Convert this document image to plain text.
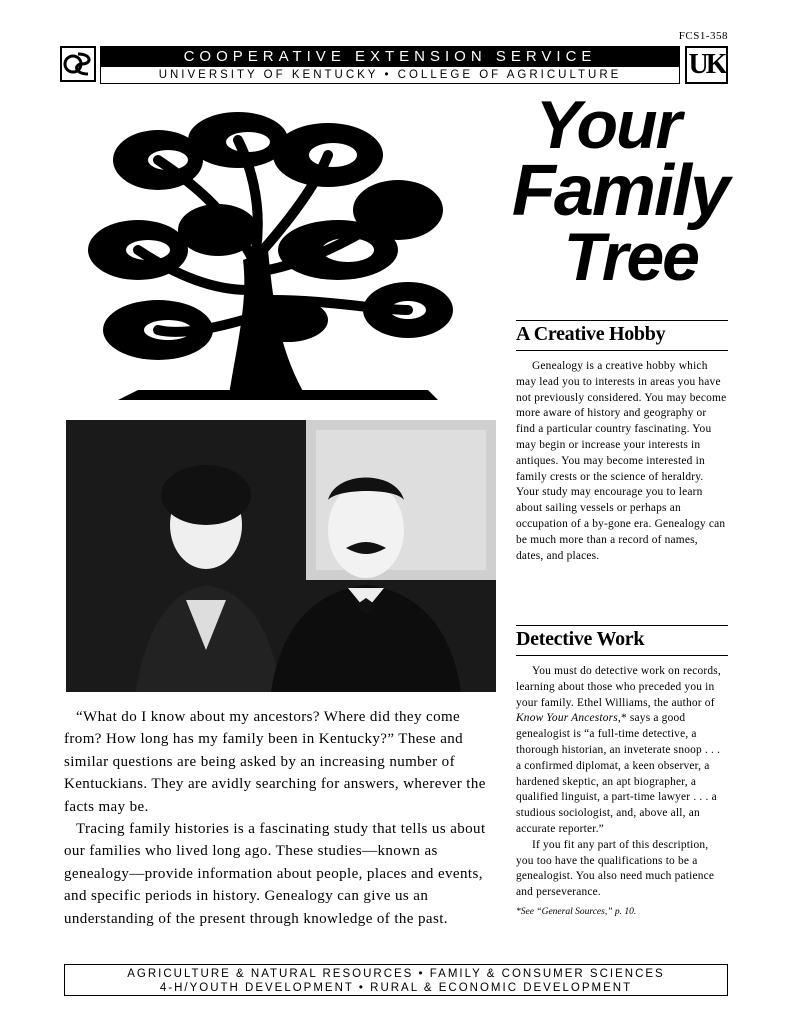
FCS1-358
COOPERATIVE EXTENSION SERVICE
UNIVERSITY OF KENTUCKY • COLLEGE OF AGRICULTURE	UK
Your
Family
Tree
A Creative Hobby

Genealogy is a creative hobby which may lead you to interests in areas you have not previously considered. You may become more aware of history and geography or find a particular country fascinating. You may begin or increase your interests in antiques. You may become interested in family crests or the science of heraldry. Your study may encourage you to learn about sailing vessels or perhaps an occupation of a by-gone era. Genealogy can be much more than a record of names, dates, and places.

Detective Work

You must do detective work on records, learning about those who preceded you in your family. Ethel Williams, the author of Know Your Ancestors,* says a good genealogist is “a full-time detective, a thorough historian, an inveterate snoop . . . a confirmed diplomat, a keen observer, a hardened skeptic, an apt biographer, a qualified linguist, a part-time lawyer . . . a studious sociologist, and, above all, an accurate reporter.”

If you fit any part of this description, you too have the qualifications to be a genealogist. You also need much patience and perseverance.

*See “General Sources,” p. 10.

“What do I know about my ancestors? Where did they come from? How long has my family been in Kentucky?” These and similar questions are being asked by an increasing number of Kentuckians. They are avidly searching for answers, wherever the facts may be.

Tracing family histories is a fascinating study that tells us about our families who lived long ago. These studies—known as genealogy—provide information about people, places and events, and specific periods in history. Genealogy can give us an understanding of the present through knowledge of the past.

AGRICULTURE & NATURAL RESOURCES • FAMILY & CONSUMER SCIENCES
4-H/YOUTH DEVELOPMENT • RURAL & ECONOMIC DEVELOPMENT
